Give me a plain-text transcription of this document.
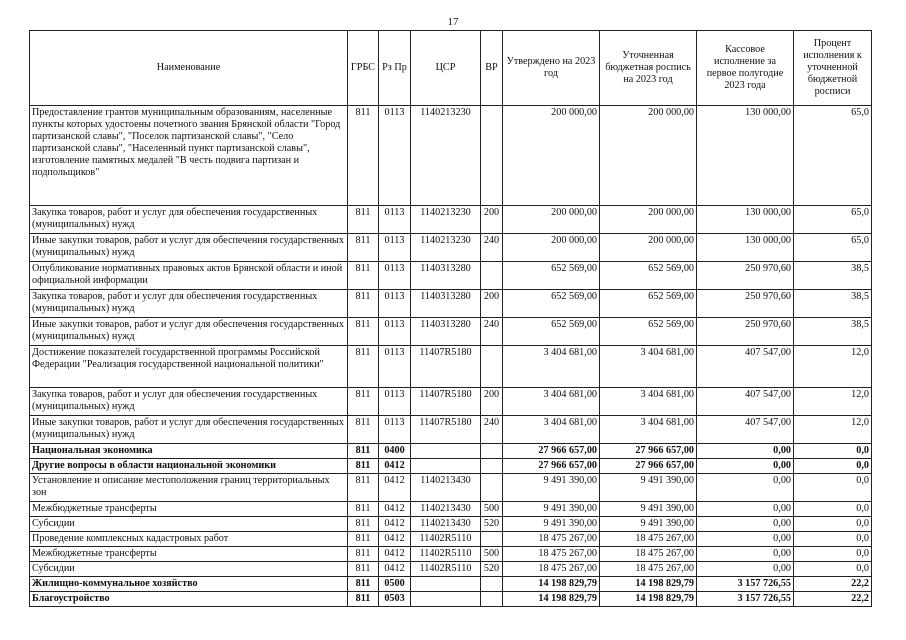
17
Наименование	ГРБС	Рз Пр	ЦСР	ВР	Утверждено на 2023 год	Уточненная бюджетная роспись на 2023 год	Кассовое исполнение за первое полугодие 2023 года	Процент исполнения к уточненной бюджетной росписи
Предоставление грантов муниципальным образованиям, населенные пункты которых удостоены почетного звания Брянской области "Город партизанской славы", "Поселок партизанской славы", "Село партизанской славы", "Населенный пункт партизанской славы", изготовление памятных медалей "В честь подвига партизан и подпольщиков"	811	0113	1140213230		200 000,00	200 000,00	130 000,00	65,0
Закупка товаров, работ и услуг для обеспечения государственных (муниципальных) нужд	811	0113	1140213230	200	200 000,00	200 000,00	130 000,00	65,0
Иные закупки товаров, работ и услуг для обеспечения государственных (муниципальных) нужд	811	0113	1140213230	240	200 000,00	200 000,00	130 000,00	65,0
Опубликование нормативных правовых актов Брянской области и иной официальной информации	811	0113	1140313280		652 569,00	652 569,00	250 970,60	38,5
Закупка товаров, работ и услуг для обеспечения государственных (муниципальных) нужд	811	0113	1140313280	200	652 569,00	652 569,00	250 970,60	38,5
Иные закупки товаров, работ и услуг для обеспечения государственных (муниципальных) нужд	811	0113	1140313280	240	652 569,00	652 569,00	250 970,60	38,5
Достижение показателей государственной программы Российской Федерации "Реализация государственной национальной политики"	811	0113	11407R5180		3 404 681,00	3 404 681,00	407 547,00	12,0
Закупка товаров, работ и услуг для обеспечения государственных (муниципальных) нужд	811	0113	11407R5180	200	3 404 681,00	3 404 681,00	407 547,00	12,0
Иные закупки товаров, работ и услуг для обеспечения государственных (муниципальных) нужд	811	0113	11407R5180	240	3 404 681,00	3 404 681,00	407 547,00	12,0
Национальная экономика	811	0400			27 966 657,00	27 966 657,00	0,00	0,0
Другие вопросы в области национальной экономики	811	0412			27 966 657,00	27 966 657,00	0,00	0,0
Установление и описание местоположения границ территориальных зон	811	0412	1140213430		9 491 390,00	9 491 390,00	0,00	0,0
Межбюджетные трансферты	811	0412	1140213430	500	9 491 390,00	9 491 390,00	0,00	0,0
Субсидии	811	0412	1140213430	520	9 491 390,00	9 491 390,00	0,00	0,0
Проведение комплексных кадастровых работ	811	0412	11402R5110		18 475 267,00	18 475 267,00	0,00	0,0
Межбюджетные трансферты	811	0412	11402R5110	500	18 475 267,00	18 475 267,00	0,00	0,0
Субсидии	811	0412	11402R5110	520	18 475 267,00	18 475 267,00	0,00	0,0
Жилищно-коммунальное хозяйство	811	0500			14 198 829,79	14 198 829,79	3 157 726,55	22,2
Благоустройство	811	0503			14 198 829,79	14 198 829,79	3 157 726,55	22,2
